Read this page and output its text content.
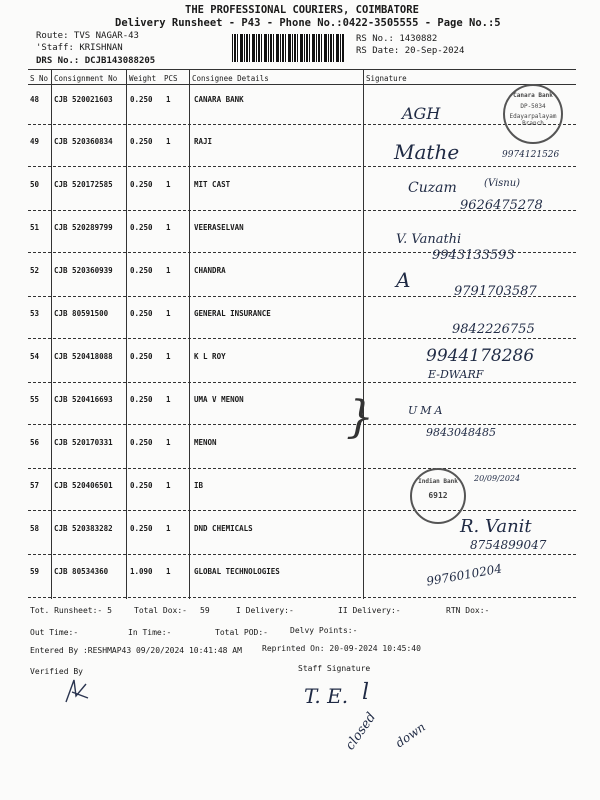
THE PROFESSIONAL COURIERS, COIMBATORE
Delivery Runsheet - P43 - Phone No.:0422-3505555 - Page No.:5
Route: TVS NAGAR-43
'Staff: KRISHNAN
DRS No.: DCJB143088205
RS No.: 1430882
RS Date: 20-Sep-2024
S No Consignment No Weight PCS Consignee Details	Signature
48 CJB 520021603 0.250 1	CANARA BANK
49 CJB 520360834 0.250 1	RAJI
50 CJB 520172585 0.250 1	MIT CAST
51 CJB 520289799 0.250 1	VEERASELVAN
52 CJB 520360939 0.250 1	CHANDRA
53 CJB 80591500	0.250 1	GENERAL INSURANCE
54 CJB 520418088 0.250 1	K L ROY
55 CJB 520416693 0.250 1	UMA V MENON
56 CJB 520170331 0.250 1	MENON
57 CJB 520406501 0.250 1	IB
58 CJB 520383282 0.250 1	DND CHEMICALS
59 CJB 80534360	1.090 1	GLOBAL TECHNOLOGIES
Canara Bank
DP-5034
Edayarpalayam Branch
Indian Bank
6912
AGH
9974121526
Mathe
Cuzam	(Visnu)
9626475278
V. Vanathi
9943133593
A	9791703587
9842226755
9944178286
E-DWARF
}	UMA
9843048485
20/09/2024
R. Vanit
8754899047
9976010204
Tot. Runsheet:- 5	Total Dox:- 59	I Delivery:-	II Delivery:-	RTN Dox:-
Out Time:-	In Time:-	Total POD:-	Delvy Points:-
Entered By :RESHMAP43 09/20/2024 10:41:48 AM	Reprinted On: 20-09-2024 10:45:40
Verified By	Staff Signature
T. E. l
closed down
